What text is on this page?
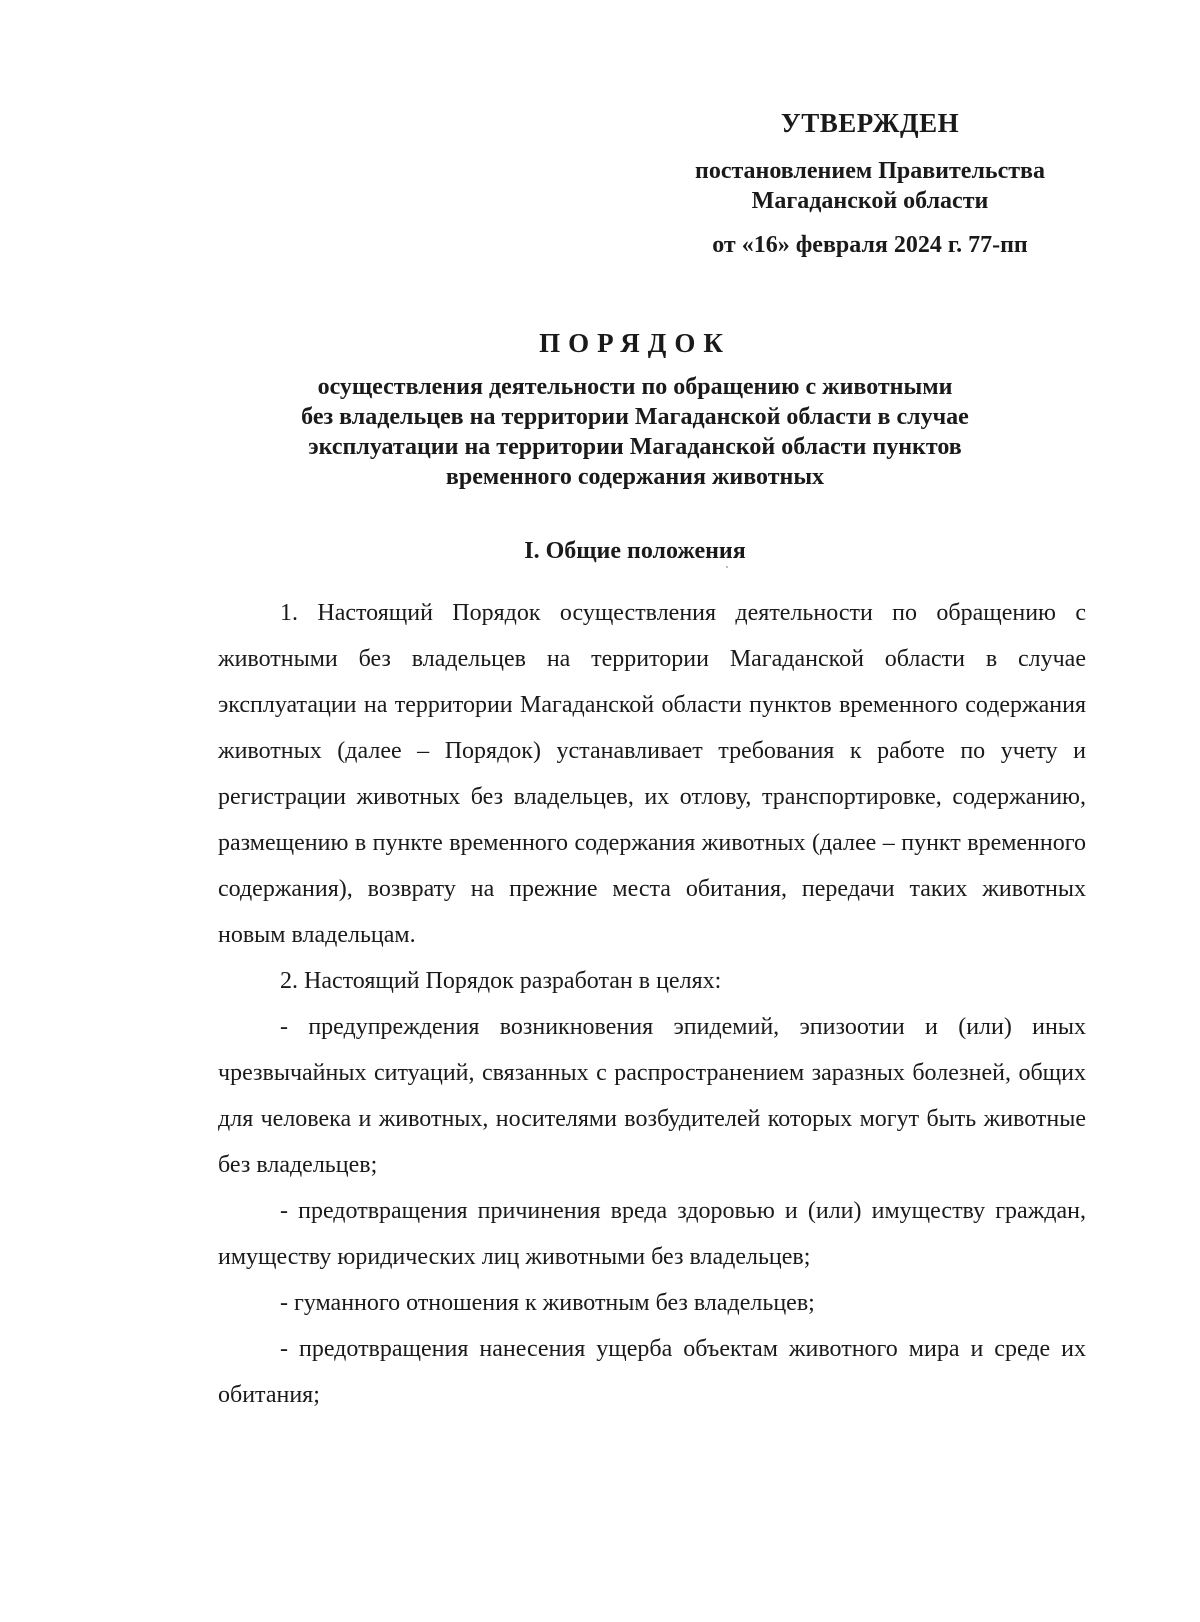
УТВЕРЖДЕН
постановлением Правительства
Магаданской области
от «16» февраля 2024 г. 77-пп
ПОРЯДОК
осуществления деятельности по обращению с животными
без владельцев на территории Магаданской области в случае
эксплуатации на территории Магаданской области пунктов
временного содержания животных
I. Общие положения

1. Настоящий Порядок осуществления деятельности по обращению с животными без владельцев на территории Магаданской области в случае эксплуатации на территории Магаданской области пунктов временного содержания животных (далее – Порядок) устанавливает требования к работе по учету и регистрации животных без владельцев, их отлову, транспортировке, содержанию, размещению в пункте временного содержания животных (далее – пункт временного содержания), возврату на прежние места обитания, передачи таких животных новым владельцам.

2. Настоящий Порядок разработан в целях:

- предупреждения возникновения эпидемий, эпизоотии и (или) иных чрезвычайных ситуаций, связанных с распространением заразных болезней, общих для человека и животных, носителями возбудителей которых могут быть животные без владельцев;

- предотвращения причинения вреда здоровью и (или) имуществу граждан, имуществу юридических лиц животными без владельцев;

- гуманного отношения к животным без владельцев;

- предотвращения нанесения ущерба объектам животного мира и среде их обитания;
